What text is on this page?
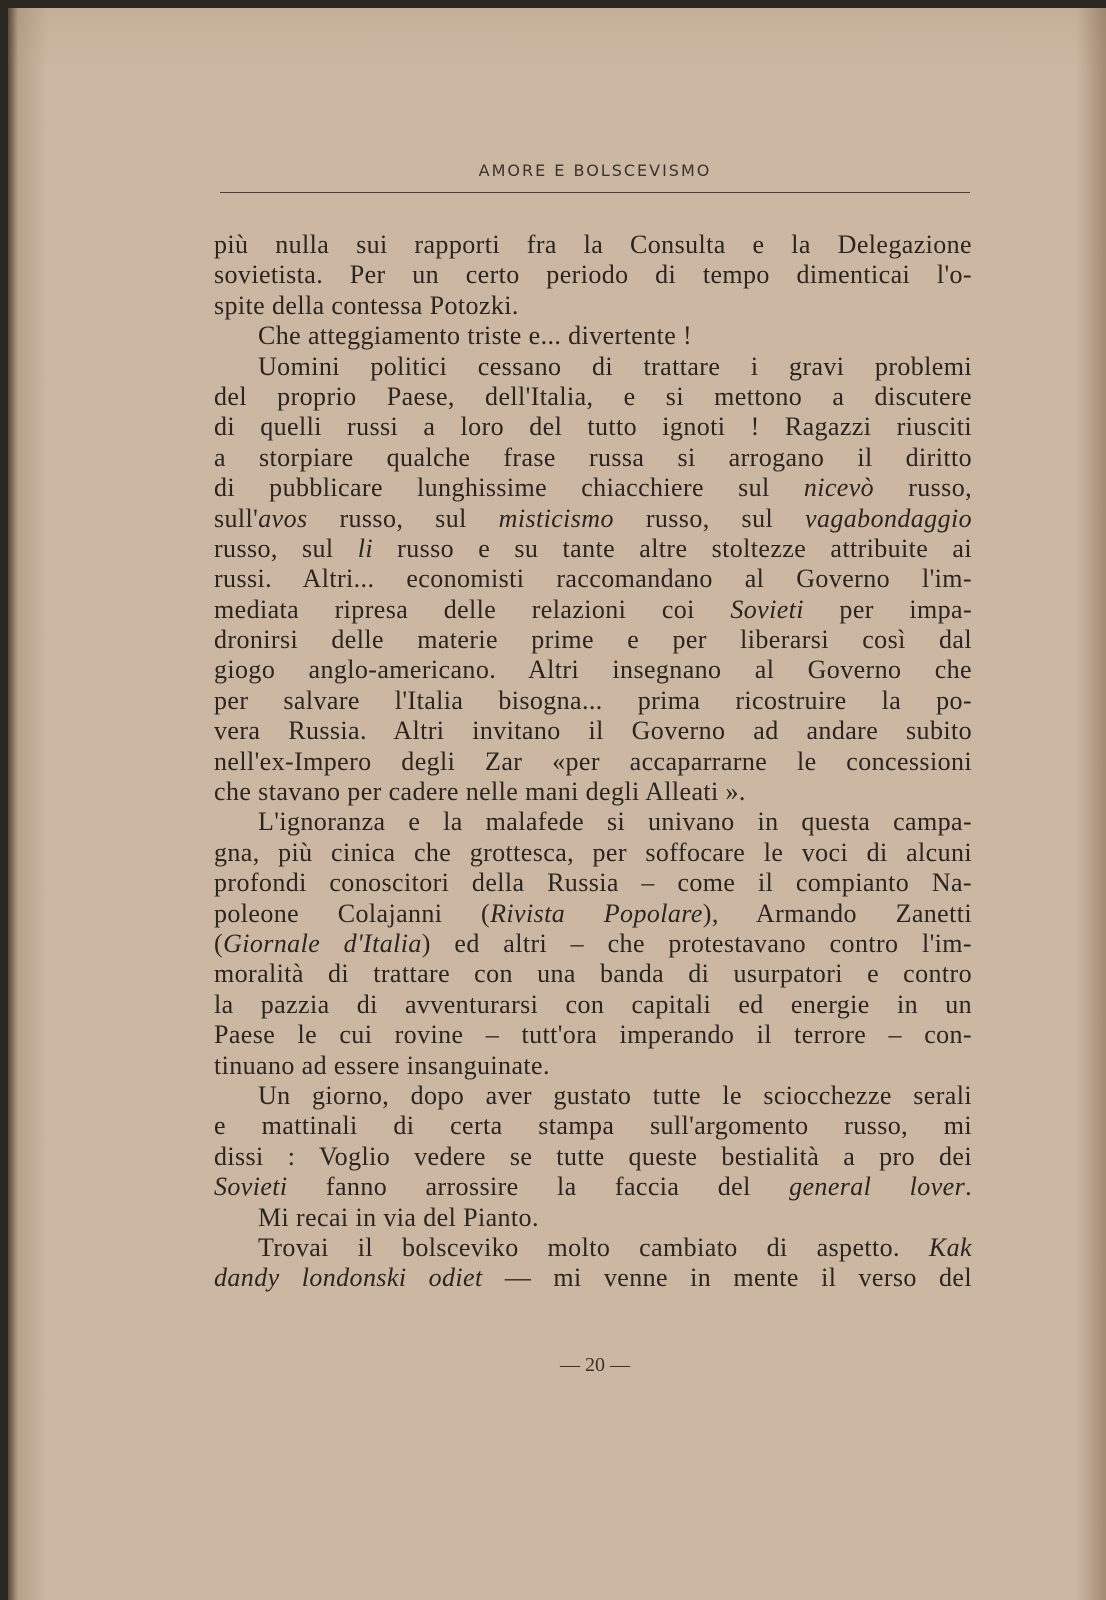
AMORE E BOLSCEVISMO
più nulla sui rapporti fra la Consulta e la Delegazione
sovietista. Per un certo periodo di tempo dimenticai l'o-
spite della contessa Potozki.
Che atteggiamento triste e... divertente !
Uomini politici cessano di trattare i gravi problemi
del proprio Paese, dell'Italia, e si mettono a discutere
di quelli russi a loro del tutto ignoti ! Ragazzi riusciti
a storpiare qualche frase russa si arrogano il diritto
di pubblicare lunghissime chiacchiere sul nicevò russo,
sull'avos russo, sul misticismo russo, sul vagabondaggio
russo, sul li russo e su tante altre stoltezze attribuite ai
russi. Altri... economisti raccomandano al Governo l'im-
mediata ripresa delle relazioni coi Sovieti per impa-
dronirsi delle materie prime e per liberarsi così dal
giogo anglo-americano. Altri insegnano al Governo che
per salvare l'Italia bisogna... prima ricostruire la po-
vera Russia. Altri invitano il Governo ad andare subito
nell'ex-Impero degli Zar «per accaparrarne le concessioni
che stavano per cadere nelle mani degli Alleati ».
L'ignoranza e la malafede si univano in questa campa-
gna, più cinica che grottesca, per soffocare le voci di alcuni
profondi conoscitori della Russia – come il compianto Na-
poleone Colajanni (Rivista Popolare), Armando Zanetti
(Giornale d'Italia) ed altri – che protestavano contro l'im-
moralità di trattare con una banda di usurpatori e contro
la pazzia di avventurarsi con capitali ed energie in un
Paese le cui rovine – tutt'ora imperando il terrore – con-
tinuano ad essere insanguinate.
Un giorno, dopo aver gustato tutte le sciocchezze serali
e mattinali di certa stampa sull'argomento russo, mi
dissi : Voglio vedere se tutte queste bestialità a pro dei
Sovieti fanno arrossire la faccia del general lover.
Mi recai in via del Pianto.
Trovai il bolsceviko molto cambiato di aspetto. Kak
dandy londonski odiet — mi venne in mente il verso del
— 20 —
